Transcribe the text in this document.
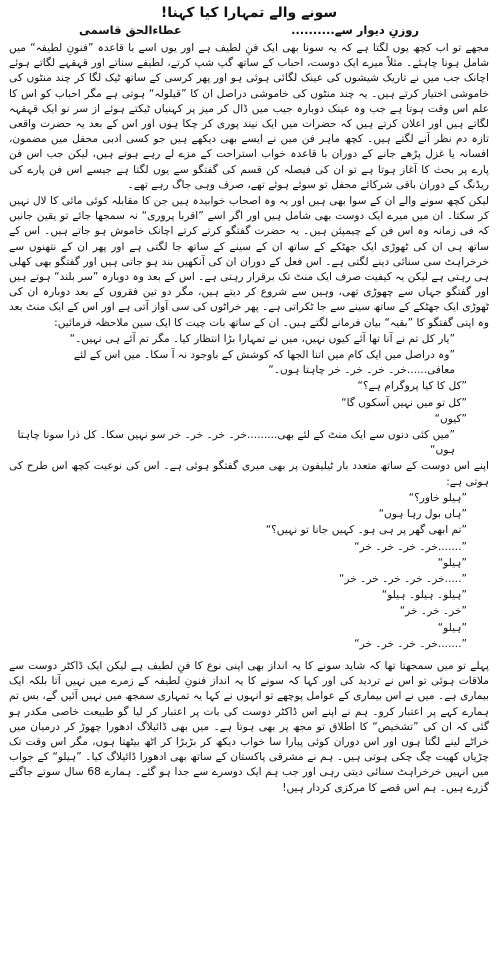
سونے والے تمہارا کیا کہنا!
روزنِ دیوار سے..........
عطاءالحق قاسمی

مجھے تو اب کچھ یوں لگتا ہے کہ یہ سونا بھی ایک فنِ لطیف ہے اور یوں اسے با قاعدہ ”فنونِ لطیفہ“ میں شامل ہونا چاہئے۔ مثلاً میرے ایک دوست، احباب کے ساتھ گپ شپ کرتے، لطیفے سناتے اور قہقہے لگاتے ہوئے اچانک جب میں نے تاریک شیشوں کی عینک لگائی ہوئی ہو اور پھر کرسی کے ساتھ ٹیک لگا کر چند منٹوں کی خاموشی اختیار کرتے ہیں۔ یہ چند منٹوں کی خاموشی دراصل ان کا ”قیلولہ“ ہوتی ہے مگر احباب کو اس کا علم اس وقت ہوتا ہے جب وہ عینک دوبارہ جیب میں ڈال کر میز پر کہنیاں ٹیکتے ہوئے از سر نو ایک قہقہہ لگاتے ہیں اور اعلان کرتے ہیں کہ حضرات میں ایک نیند پوری کر چکا ہوں اور اس کے بعد یہ حضرت واقعی تازہ دم نظر آنے لگتے ہیں۔ کچھ ماہر فن میں نے ایسے بھی دیکھے ہیں جو کسی ادبی محفل میں مضمون، افسانہ یا غزل پڑھے جانے کے دوران با قاعدہ خواب استراحت کے مزے لے رہے ہوتے ہیں، لیکن جب اس فن پارے پر بحث کا آغاز ہوتا ہے تو ان کی فیصلہ کن قسم کی گفتگو سے یوں لگتا ہے جیسے اس فن پارے کی ریڈنگ کے دوران باقی شرکائے محفل تو سوئے ہوئے تھے، صرف وہی جاگ رہے تھے۔

لیکن کچھ سونے والے ان کے سوا بھی ہیں اور یہ وہ اصحاب خوابیدہ ہیں جن کا مقابلہ کوئی مائی کا لال نہیں کر سکتا۔ ان میں میرے ایک دوست بھی شامل ہیں اور اگر اسے ”اقربا پروری“ نہ سمجھا جائے تو یقین جانیں کہ فی زمانہ وہ اس فن کے چیمپئن ہیں۔ یہ حضرت گفتگو کرتے کرتے اچانک خاموش ہو جاتے ہیں۔ اس کے ساتھ ہی ان کی ٹھوڑی ایک جھٹکے کے ساتھ ان کے سینے کے ساتھ جا لگتی ہے اور پھر ان کے نتھنوں سے خرخراہٹ سی سنائی دینے لگتی ہے۔ اس فعل کے دوران ان کی آنکھیں بند ہو جاتی ہیں اور گفتگو بھی کھلی ہی رہتی ہے لیکن یہ کیفیت صرف ایک منٹ تک برقرار رہتی ہے۔ اس کے بعد وہ دوبارہ ”سر بلند“ ہوتے ہیں اور گفتگو جہاں سے چھوڑی تھی، وہیں سے شروع کر دیتے ہیں، مگر دو تین فقروں کے بعد دوبارہ ان کی ٹھوڑی ایک جھٹکے کے ساتھ سینے سے جا ٹکراتی ہے۔ پھر خراٹوں کی سی آواز آتی ہے اور اس کے ایک منٹ بعد وہ اپنی گفتگو کا ”بقیہ“ بیان فرمانے لگتے ہیں۔ ان کے ساتھ بات چیت کا ایک سین ملاحظہ فرمائیں:

”یار کل تم نے آنا تھا آئے کیوں نہیں، میں نے تمہارا بڑا انتظار کیا۔ مگر تم آئے ہی نہیں۔“
”وہ دراصل میں ایک کام میں اتنا الجھا کہ کوشش کے باوجود نہ آ سکا۔ میں اس کے لئے معافی......خر۔ خر۔ خر۔ خر چاہتا ہوں۔“
”کل کا کیا پروگرام ہے؟“
”کل تو میں نہیں آسکوں گا“
”کیوں“
”میں کئی دنوں سے ایک منٹ کے لئے بھی.........خر۔ خر۔ خر۔ خر سو نہیں سکا۔ کل ذرا سونا چاہتا ہوں“

اپنے اس دوست کے ساتھ متعدد بار ٹیلیفون پر بھی میری گفتگو ہوئی ہے۔ اس کی نوعیت کچھ اس طرح کی ہوتی ہے:

”ہیلو خاور؟“
”ہاں بول رہا ہوں“
”تم ابھی گھر پر ہی ہو۔ کہیں جانا تو نہیں؟“
”.......خر۔ خر۔ خر۔ خر“
”ہیلو“
”.....خر۔ خر۔ خر۔ خر۔ خر“
”ہیلو۔ ہیلو۔ ہیلو“
”خر۔ خر۔ خر“
”ہیلو“
”.......خر۔ خر۔ خر۔ خر“

پہلے تو میں سمجھتا تھا کہ شاید سونے کا یہ انداز بھی اپنی نوع کا فنِ لطیف ہے لیکن ایک ڈاکٹر دوست سے ملاقات ہوئی تو اس نے تردید کی اور کہا کہ سونے کا یہ انداز فنونِ لطیفہ کے زمرے میں نہیں آتا بلکہ ایک بیماری ہے۔ میں نے اس بیماری کے عوامل پوچھے تو انہوں نے کہا یہ تمہاری سمجھ میں نہیں آئیں گے، بس تم ہمارے کہے پر اعتبار کرو۔ ہم نے اپنے اس ڈاکٹر دوست کی بات پر اعتبار کر لیا گو طبیعت خاصی مکدر ہو گئی کہ ان کی ”تشخیص“ کا اطلاق تو مجھ پر بھی ہوتا ہے۔ میں بھی ڈائیلاگ ادھورا چھوڑ کر درمیان میں خراٹے لینے لگتا ہوں اور اس دوران کوئی پیارا سا خواب دیکھ کر بڑبڑا کر اٹھ بیٹھتا ہوں، مگر اس وقت تک چڑیاں کھیت چگ چکی ہوتی ہیں۔ ہم نے مشرقی پاکستان کے ساتھ بھی ادھورا ڈائیلاگ کیا۔ ”ہیلو“ کے جواب میں انہیں خرخراہٹ سنائی دیتی رہی اور جب ہم ایک دوسرے سے جدا ہو گئے۔ ہمارے 68 سال سوتے جاگتے گزرے ہیں۔ ہم اس قصے کا مرکزی کردار ہیں!
